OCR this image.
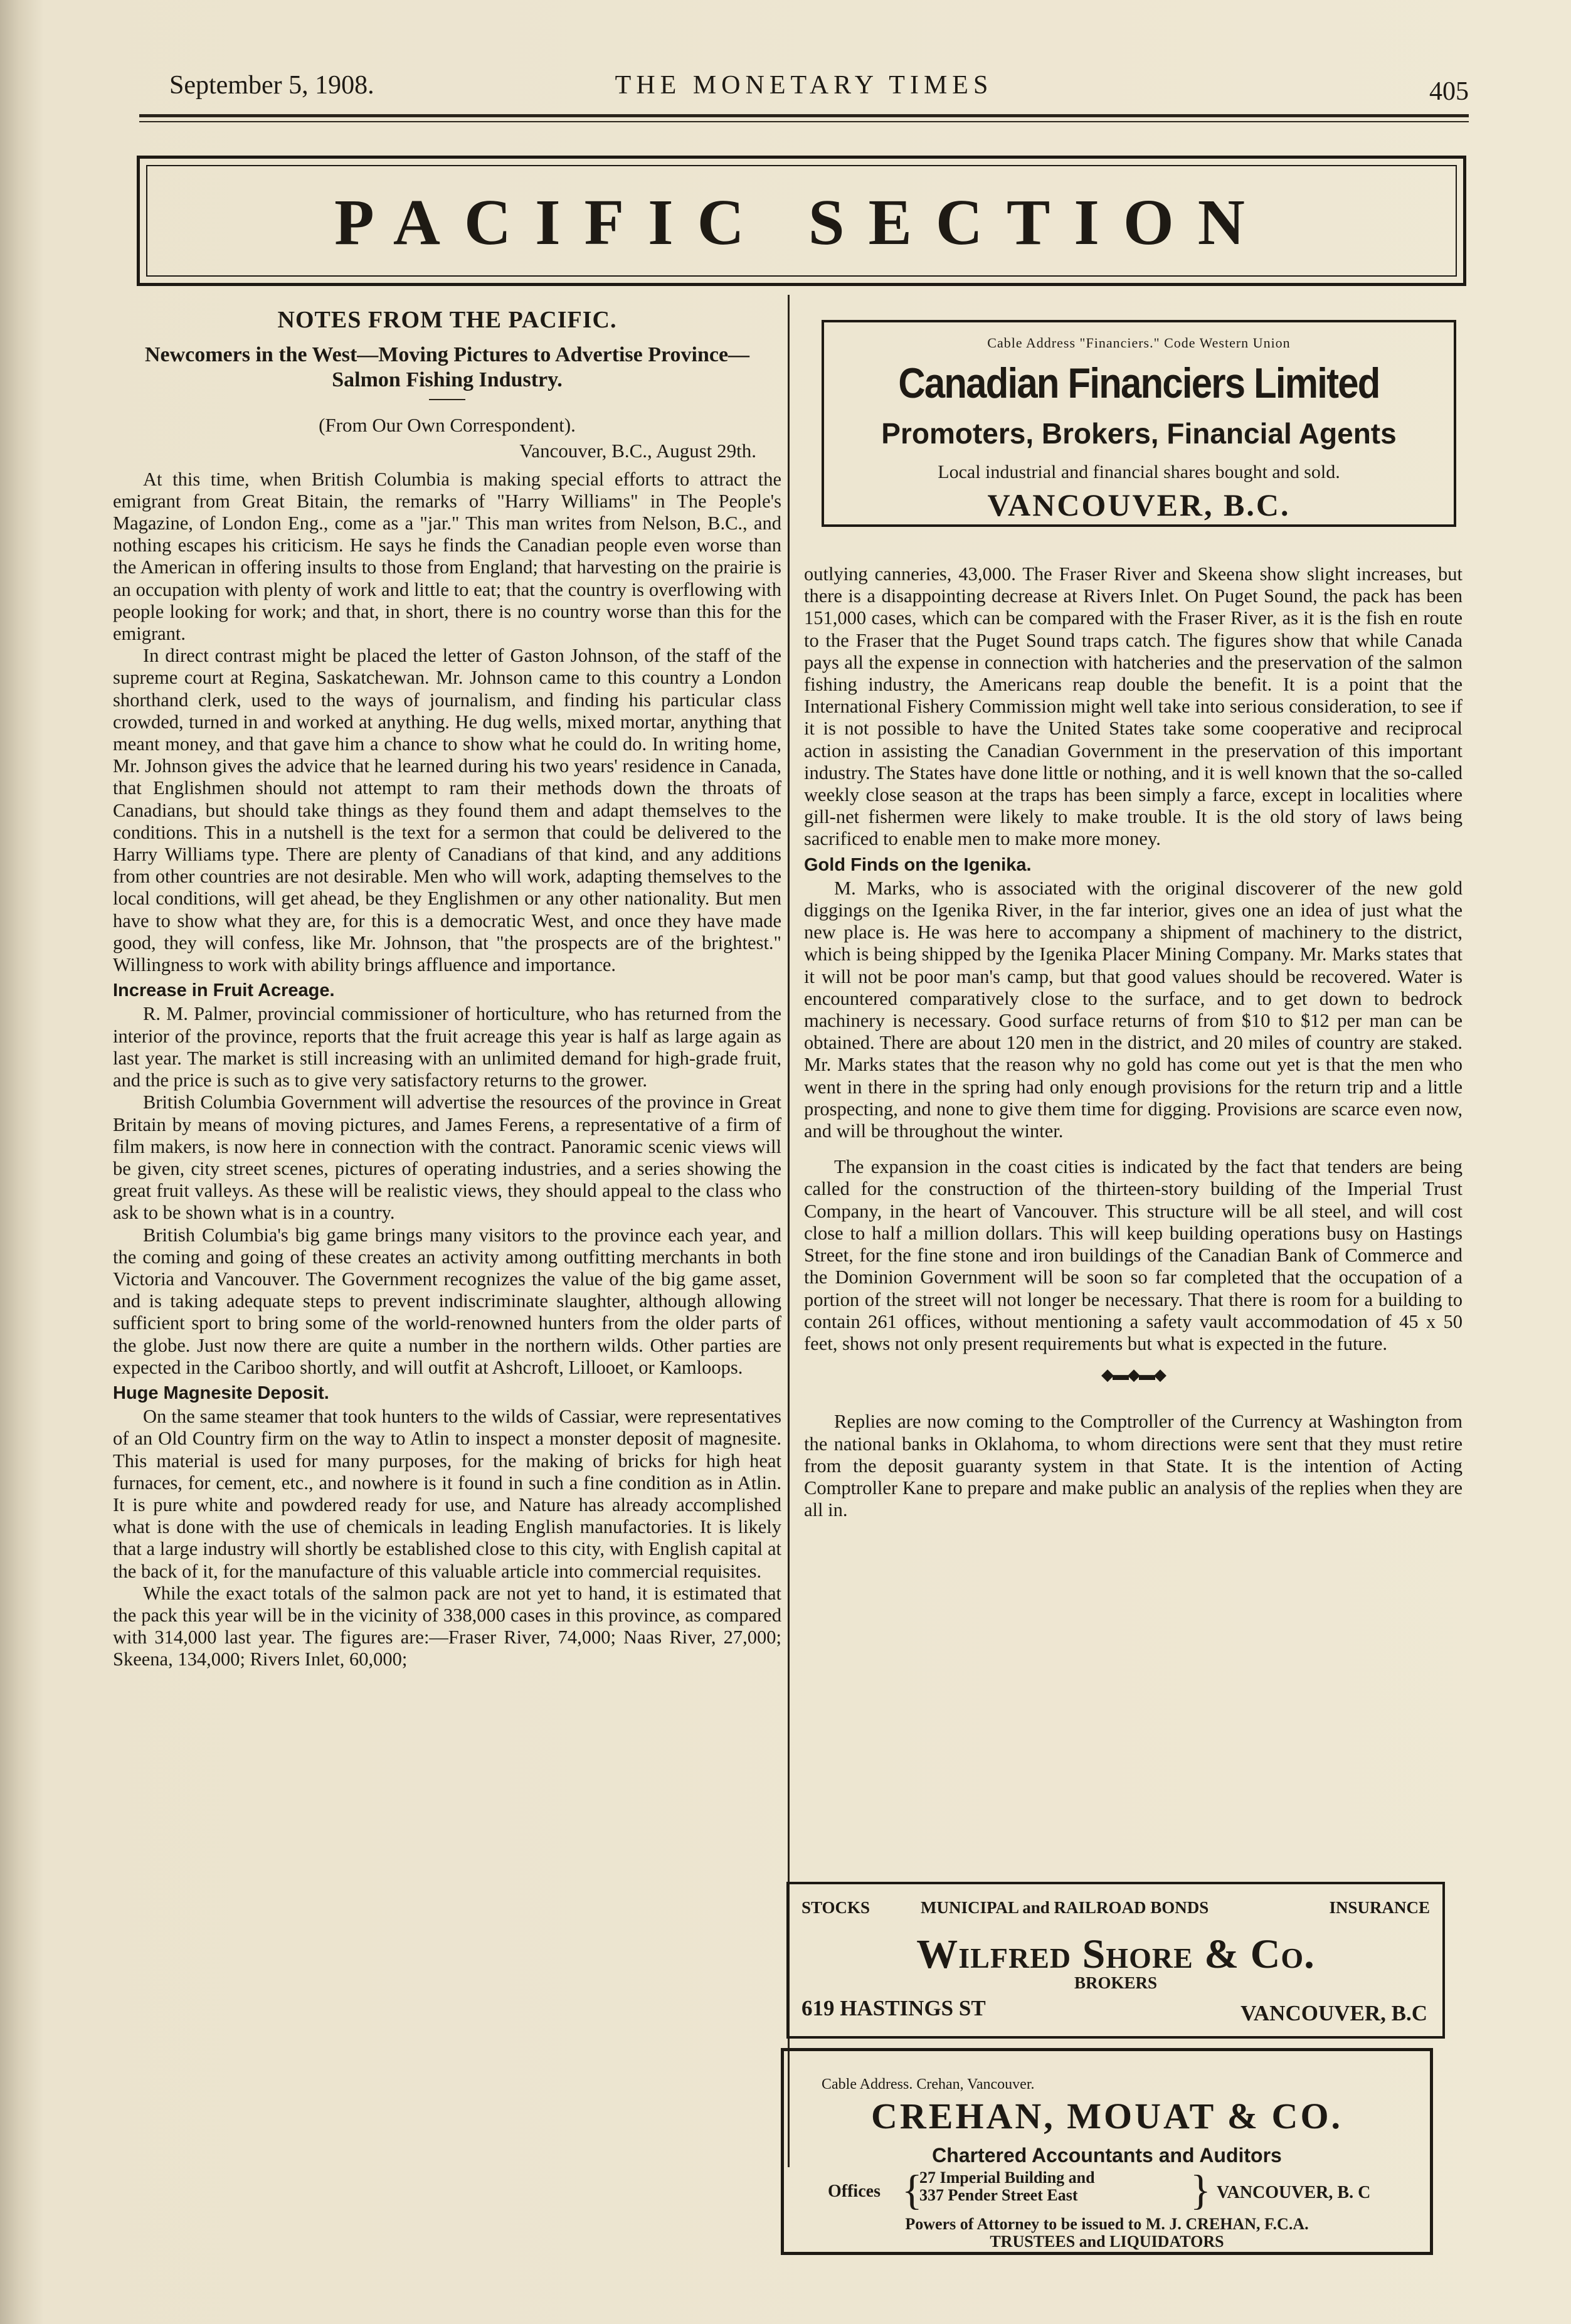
September 5, 1908.	THE MONETARY TIMES	405
PACIFIC SECTION
NOTES FROM THE PACIFIC.
Newcomers in the West—Moving Pictures to Advertise Province—Salmon Fishing Industry.
(From Our Own Correspondent).
Vancouver, B.C., August 29th.

At this time, when British Columbia is making special efforts to attract the emigrant from Great Bitain, the remarks of "Harry Williams" in The People's Magazine, of London Eng., come as a "jar." This man writes from Nelson, B.C., and nothing escapes his criticism. He says he finds the Canadian people even worse than the American in offering insults to those from England; that harvesting on the prairie is an occupation with plenty of work and little to eat; that the country is overflowing with people looking for work; and that, in short, there is no country worse than this for the emigrant.

In direct contrast might be placed the letter of Gaston Johnson, of the staff of the supreme court at Regina, Saskatchewan. Mr. Johnson came to this country a London shorthand clerk, used to the ways of journalism, and finding his particular class crowded, turned in and worked at anything. He dug wells, mixed mortar, anything that meant money, and that gave him a chance to show what he could do. In writing home, Mr. Johnson gives the advice that he learned during his two years' residence in Canada, that Englishmen should not attempt to ram their methods down the throats of Canadians, but should take things as they found them and adapt themselves to the conditions. This in a nutshell is the text for a sermon that could be delivered to the Harry Williams type. There are plenty of Canadians of that kind, and any additions from other countries are not desirable. Men who will work, adapting themselves to the local conditions, will get ahead, be they Englishmen or any other nationality. But men have to show what they are, for this is a democratic West, and once they have made good, they will confess, like Mr. Johnson, that "the prospects are of the brightest." Willingness to work with ability brings affluence and importance.

Increase in Fruit Acreage.

R. M. Palmer, provincial commissioner of horticulture, who has returned from the interior of the province, reports that the fruit acreage this year is half as large again as last year. The market is still increasing with an unlimited demand for high-grade fruit, and the price is such as to give very satisfactory returns to the grower.

British Columbia Government will advertise the resources of the province in Great Britain by means of moving pictures, and James Ferens, a representative of a firm of film makers, is now here in connection with the contract. Panoramic scenic views will be given, city street scenes, pictures of operating industries, and a series showing the great fruit valleys. As these will be realistic views, they should appeal to the class who ask to be shown what is in a country.

British Columbia's big game brings many visitors to the province each year, and the coming and going of these creates an activity among outfitting merchants in both Victoria and Vancouver. The Government recognizes the value of the big game asset, and is taking adequate steps to prevent indiscriminate slaughter, although allowing sufficient sport to bring some of the world-renowned hunters from the older parts of the globe. Just now there are quite a number in the northern wilds. Other parties are expected in the Cariboo shortly, and will outfit at Ashcroft, Lillooet, or Kamloops.

Huge Magnesite Deposit.

On the same steamer that took hunters to the wilds of Cassiar, were representatives of an Old Country firm on the way to Atlin to inspect a monster deposit of magnesite. This material is used for many purposes, for the making of bricks for high heat furnaces, for cement, etc., and nowhere is it found in such a fine condition as in Atlin. It is pure white and powdered ready for use, and Nature has already accomplished what is done with the use of chemicals in leading English manufactories. It is likely that a large industry will shortly be established close to this city, with English capital at the back of it, for the manufacture of this valuable article into commercial requisites.

While the exact totals of the salmon pack are not yet to hand, it is estimated that the pack this year will be in the vicinity of 338,000 cases in this province, as compared with 314,000 last year. The figures are:—Fraser River, 74,000; Naas River, 27,000; Skeena, 134,000; Rivers Inlet, 60,000;

Cable Address "Financiers." Code Western Union
Canadian Financiers Limited
Promoters, Brokers, Financial Agents
Local industrial and financial shares bought and sold.
VANCOUVER, B.C.

outlying canneries, 43,000. The Fraser River and Skeena show slight increases, but there is a disappointing decrease at Rivers Inlet. On Puget Sound, the pack has been 151,000 cases, which can be compared with the Fraser River, as it is the fish en route to the Fraser that the Puget Sound traps catch. The figures show that while Canada pays all the expense in connection with hatcheries and the preservation of the salmon fishing industry, the Americans reap double the benefit. It is a point that the International Fishery Commission might well take into serious consideration, to see if it is not possible to have the United States take some cooperative and reciprocal action in assisting the Canadian Government in the preservation of this important industry. The States have done little or nothing, and it is well known that the so-called weekly close season at the traps has been simply a farce, except in localities where gill-net fishermen were likely to make trouble. It is the old story of laws being sacrificed to enable men to make more money.

Gold Finds on the Igenika.

M. Marks, who is associated with the original discoverer of the new gold diggings on the Igenika River, in the far interior, gives one an idea of just what the new place is. He was here to accompany a shipment of machinery to the district, which is being shipped by the Igenika Placer Mining Company. Mr. Marks states that it will not be poor man's camp, but that good values should be recovered. Water is encountered comparatively close to the surface, and to get down to bedrock machinery is necessary. Good surface returns of from $10 to $12 per man can be obtained. There are about 120 men in the district, and 20 miles of country are staked. Mr. Marks states that the reason why no gold has come out yet is that the men who went in there in the spring had only enough provisions for the return trip and a little prospecting, and none to give them time for digging. Provisions are scarce even now, and will be throughout the winter.

The expansion in the coast cities is indicated by the fact that tenders are being called for the construction of the thirteen-story building of the Imperial Trust Company, in the heart of Vancouver. This structure will be all steel, and will cost close to half a million dollars. This will keep building operations busy on Hastings Street, for the fine stone and iron buildings of the Canadian Bank of Commerce and the Dominion Government will be soon so far completed that the occupation of a portion of the street will not longer be necessary. That there is room for a building to contain 261 offices, without mentioning a safety vault accommodation of 45 x 50 feet, shows not only present requirements but what is expected in the future.

◆▬◆▬◆

Replies are now coming to the Comptroller of the Currency at Washington from the national banks in Oklahoma, to whom directions were sent that they must retire from the deposit guaranty system in that State. It is the intention of Acting Comptroller Kane to prepare and make public an analysis of the replies when they are all in.

STOCKS	MUNICIPAL and RAILROAD BONDS	INSURANCE
Wilfred Shore & Co.
BROKERS
619 HASTINGS ST	VANCOUVER, B.C
Cable Address. Crehan, Vancouver.
CREHAN, MOUAT & CO.
Chartered Accountants and Auditors
Offices {
27 Imperial Building and
337 Pender Street East	} VANCOUVER, B. C
Powers of Attorney to be issued to M. J. CREHAN, F.C.A.
TRUSTEES and LIQUIDATORS
